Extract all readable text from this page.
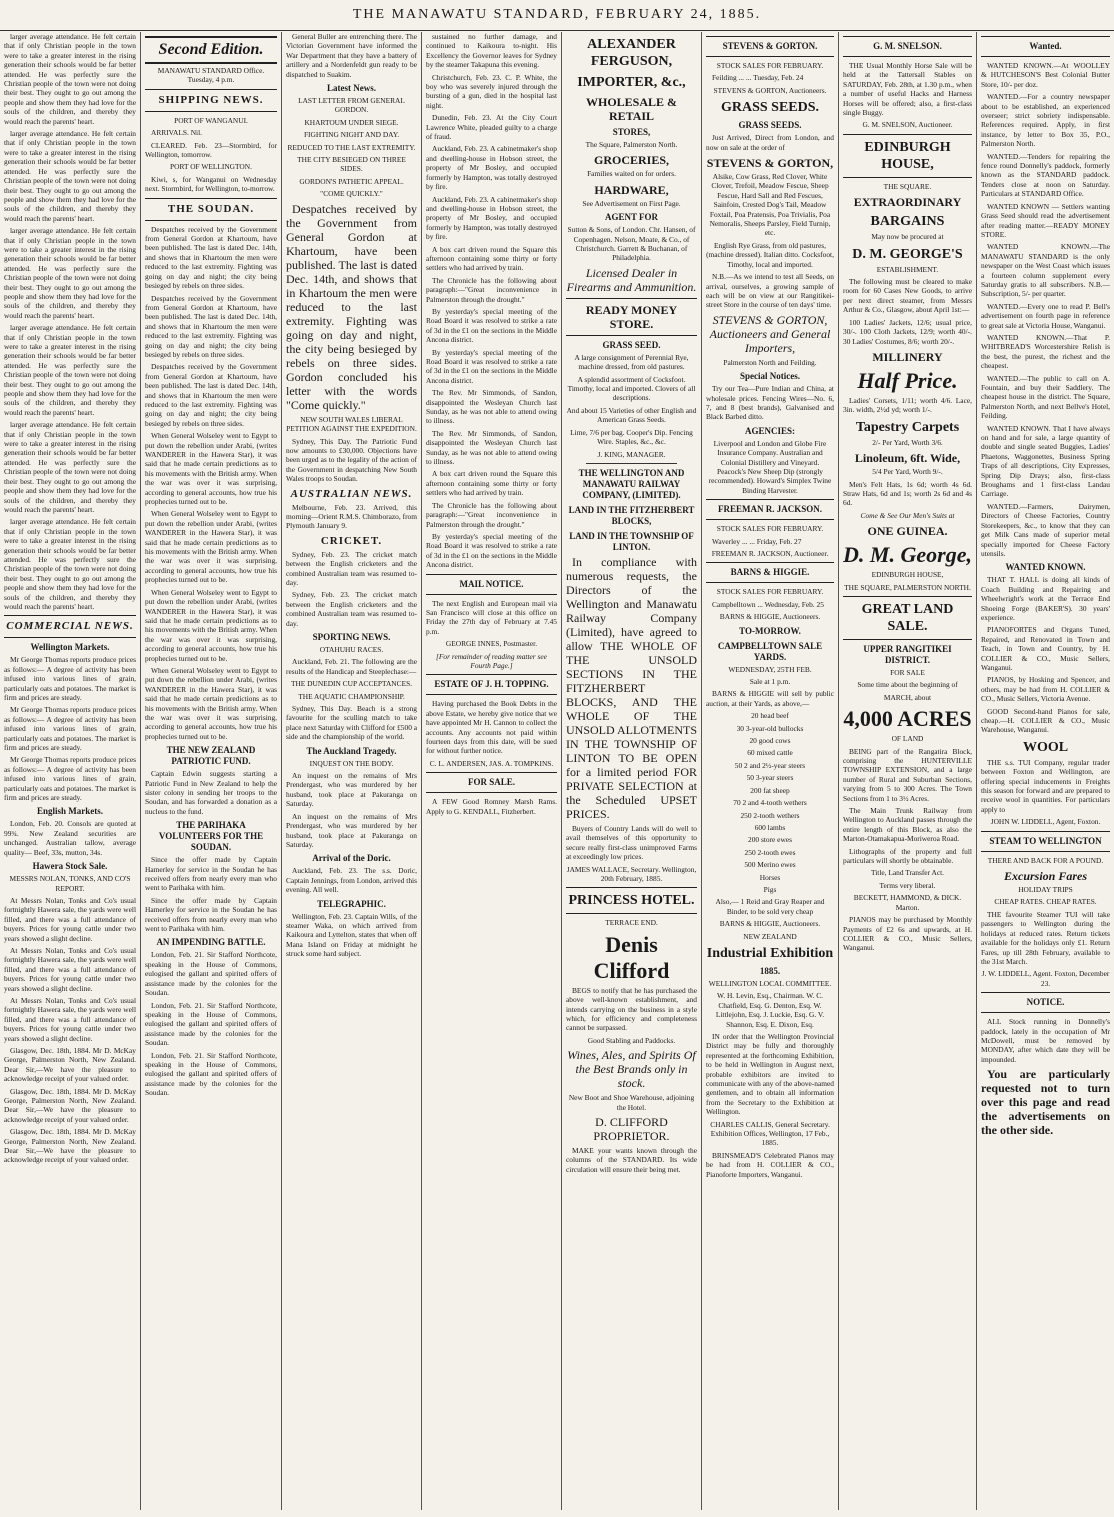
THE MANAWATU STANDARD, FEBRUARY 24, 1885.

larger average attendance. He felt certain that if only Christian people in the town were to take a greater interest in the rising generation their schools would be far better attended. He was perfectly sure the Christian people of the town were not doing their best. They ought to go out among the people and show them they had love for the souls of the children, and thereby they would reach the parents' heart.

larger average attendance. He felt certain that if only Christian people in the town were to take a greater interest in the rising generation their schools would be far better attended. He was perfectly sure the Christian people of the town were not doing their best. They ought to go out among the people and show them they had love for the souls of the children, and thereby they would reach the parents' heart.

larger average attendance. He felt certain that if only Christian people in the town were to take a greater interest in the rising generation their schools would be far better attended. He was perfectly sure the Christian people of the town were not doing their best. They ought to go out among the people and show them they had love for the souls of the children, and thereby they would reach the parents' heart.

larger average attendance. He felt certain that if only Christian people in the town were to take a greater interest in the rising generation their schools would be far better attended. He was perfectly sure the Christian people of the town were not doing their best. They ought to go out among the people and show them they had love for the souls of the children, and thereby they would reach the parents' heart.

larger average attendance. He felt certain that if only Christian people in the town were to take a greater interest in the rising generation their schools would be far better attended. He was perfectly sure the Christian people of the town were not doing their best. They ought to go out among the people and show them they had love for the souls of the children, and thereby they would reach the parents' heart.

larger average attendance. He felt certain that if only Christian people in the town were to take a greater interest in the rising generation their schools would be far better attended. He was perfectly sure the Christian people of the town were not doing their best. They ought to go out among the people and show them they had love for the souls of the children, and thereby they would reach the parents' heart.

COMMERCIAL NEWS.
Wellington Markets.

Mr George Thomas reports produce prices as follows:— A degree of activity has been infused into various lines of grain, particularly oats and potatoes. The market is firm and prices are steady.

Mr George Thomas reports produce prices as follows:— A degree of activity has been infused into various lines of grain, particularly oats and potatoes. The market is firm and prices are steady.

Mr George Thomas reports produce prices as follows:— A degree of activity has been infused into various lines of grain, particularly oats and potatoes. The market is firm and prices are steady.

English Markets.

London, Feb. 20. Consols are quoted at 99¾. New Zealand securities are unchanged. Australian tallow, average quality— Beef, 33s, mutton, 34s.

Hawera Stock Sale.

MESSRS NOLAN, TONKS, AND CO'S REPORT.

At Messrs Nolan, Tonks and Co's usual fortnightly Hawera sale, the yards were well filled, and there was a full attendance of buyers. Prices for young cattle under two years showed a slight decline.

At Messrs Nolan, Tonks and Co's usual fortnightly Hawera sale, the yards were well filled, and there was a full attendance of buyers. Prices for young cattle under two years showed a slight decline.

At Messrs Nolan, Tonks and Co's usual fortnightly Hawera sale, the yards were well filled, and there was a full attendance of buyers. Prices for young cattle under two years showed a slight decline.

Glasgow, Dec. 18th, 1884. Mr D. McKay George, Palmerston North, New Zealand. Dear Sir,—We have the pleasure to acknowledge receipt of your valued order.

Glasgow, Dec. 18th, 1884. Mr D. McKay George, Palmerston North, New Zealand. Dear Sir,—We have the pleasure to acknowledge receipt of your valued order.

Glasgow, Dec. 18th, 1884. Mr D. McKay George, Palmerston North, New Zealand. Dear Sir,—We have the pleasure to acknowledge receipt of your valued order.

Second Edition.

MANAWATU STANDARD Office. Tuesday, 4 p.m.

SHIPPING NEWS.

PORT OF WANGANUI.

ARRIVALS. Nil.

CLEARED. Feb. 23—Stormbird, for Wellington, tomorrow.

PORT OF WELLINGTON.

Kiwi, s, for Wanganui on Wednesday next. Stormbird, for Wellington, to-morrow.

THE SOUDAN.

Despatches received by the Government from General Gordon at Khartoum, have been published. The last is dated Dec. 14th, and shows that in Khartoum the men were reduced to the last extremity. Fighting was going on day and night; the city being besieged by rebels on three sides.

Despatches received by the Government from General Gordon at Khartoum, have been published. The last is dated Dec. 14th, and shows that in Khartoum the men were reduced to the last extremity. Fighting was going on day and night; the city being besieged by rebels on three sides.

Despatches received by the Government from General Gordon at Khartoum, have been published. The last is dated Dec. 14th, and shows that in Khartoum the men were reduced to the last extremity. Fighting was going on day and night; the city being besieged by rebels on three sides.

When General Wolseley went to Egypt to put down the rebellion under Arabi, (writes WANDERER in the Hawera Star), it was said that he made certain predictions as to his movements with the British army. When the war was over it was surprising, according to general accounts, how true his prophecies turned out to be.

When General Wolseley went to Egypt to put down the rebellion under Arabi, (writes WANDERER in the Hawera Star), it was said that he made certain predictions as to his movements with the British army. When the war was over it was surprising, according to general accounts, how true his prophecies turned out to be.

When General Wolseley went to Egypt to put down the rebellion under Arabi, (writes WANDERER in the Hawera Star), it was said that he made certain predictions as to his movements with the British army. When the war was over it was surprising, according to general accounts, how true his prophecies turned out to be.

When General Wolseley went to Egypt to put down the rebellion under Arabi, (writes WANDERER in the Hawera Star), it was said that he made certain predictions as to his movements with the British army. When the war was over it was surprising, according to general accounts, how true his prophecies turned out to be.

THE NEW ZEALAND PATRIOTIC FUND.

Captain Edwin suggests starting a Patriotic Fund in New Zealand to help the sister colony in sending her troops to the Soudan, and has forwarded a donation as a nucleus to the fund.

THE PARIHAKA VOLUNTEERS FOR THE SOUDAN.

Since the offer made by Captain Hamerley for service in the Soudan he has received offers from nearly every man who went to Parihaka with him.

Since the offer made by Captain Hamerley for service in the Soudan he has received offers from nearly every man who went to Parihaka with him.

AN IMPENDING BATTLE.

London, Feb. 21. Sir Stafford Northcote, speaking in the House of Commons, eulogised the gallant and spirited offers of assistance made by the colonies for the Soudan.

London, Feb. 21. Sir Stafford Northcote, speaking in the House of Commons, eulogised the gallant and spirited offers of assistance made by the colonies for the Soudan.

London, Feb. 21. Sir Stafford Northcote, speaking in the House of Commons, eulogised the gallant and spirited offers of assistance made by the colonies for the Soudan.

General Buller are entrenching there. The Victorian Government have informed the War Department that they have a battery of artillery and a Nordenfeldt gun ready to be dispatched to Suakim.

Latest News.

LAST LETTER FROM GENERAL GORDON.

KHARTOUM UNDER SIEGE.

FIGHTING NIGHT AND DAY.

REDUCED TO THE LAST EXTREMITY.

THE CITY BESIEGED ON THREE SIDES.

GORDON'S PATHETIC APPEAL.

"COME QUICKLY."

Despatches received by the Government from General Gordon at Khartoum, have been published. The last is dated Dec. 14th, and shows that in Khartoum the men were reduced to the last extremity. Fighting was going on day and night, the city being besieged by rebels on three sides. Gordon concluded his letter with the words "Come quickly."

NEW SOUTH WALES LIBERAL PETITION AGAINST THE EXPEDITION.

Sydney, This Day. The Patriotic Fund now amounts to £30,000. Objections have been urged as to the legality of the action of the Government in despatching New South Wales troops to Soudan.

AUSTRALIAN NEWS.

Melbourne, Feb. 23. Arrived, this morning—Orient R.M.S. Chimborazo, from Plymouth January 9.

CRICKET.

Sydney, Feb. 23. The cricket match between the English cricketers and the combined Australian team was resumed to-day.

Sydney, Feb. 23. The cricket match between the English cricketers and the combined Australian team was resumed to-day.

SPORTING NEWS.

OTAHUHU RACES.

Auckland, Feb. 21. The following are the results of the Handicap and Steeplechase:—

THE DUNEDIN CUP ACCEPTANCES.

THE AQUATIC CHAMPIONSHIP.

Sydney, This Day. Beach is a strong favourite for the sculling match to take place next Saturday with Clifford for £500 a side and the championship of the world.

The Auckland Tragedy.

INQUEST ON THE BODY.

An inquest on the remains of Mrs Prendergast, who was murdered by her husband, took place at Pakuranga on Saturday.

An inquest on the remains of Mrs Prendergast, who was murdered by her husband, took place at Pakuranga on Saturday.

Arrival of the Doric.

Auckland, Feb. 23. The s.s. Doric, Captain Jennings, from London, arrived this evening. All well.

TELEGRAPHIC.

Wellington, Feb. 23. Captain Wills, of the steamer Waka, on which arrived from Kaikoura and Lyttelton, states that when off Mana Island on Friday at midnight he struck some hard subject.

sustained no further damage, and continued to Kaikoura to-night. His Excellency the Governor leaves for Sydney by the steamer Takapuna this evening.

Christchurch, Feb. 23. C. P. White, the boy who was severely injured through the bursting of a gun, died in the hospital last night.

Dunedin, Feb. 23. At the City Court Lawrence White, pleaded guilty to a charge of fraud.

Auckland, Feb. 23. A cabinetmaker's shop and dwelling-house in Hobson street, the property of Mr Bosley, and occupied formerly by Hampton, was totally destroyed by fire.

Auckland, Feb. 23. A cabinetmaker's shop and dwelling-house in Hobson street, the property of Mr Bosley, and occupied formerly by Hampton, was totally destroyed by fire.

A box cart driven round the Square this afternoon containing some thirty or forty settlers who had arrived by train.

The Chronicle has the following about paragraph:—"Great inconvenience in Palmerston through the drought."

By yesterday's special meeting of the Road Board it was resolved to strike a rate of 3d in the £1 on the sections in the Middle Ancona district.

By yesterday's special meeting of the Road Board it was resolved to strike a rate of 3d in the £1 on the sections in the Middle Ancona district.

The Rev. Mr Simmonds, of Sandon, disappointed the Wesleyan Church last Sunday, as he was not able to attend owing to illness.

The Rev. Mr Simmonds, of Sandon, disappointed the Wesleyan Church last Sunday, as he was not able to attend owing to illness.

A box cart driven round the Square this afternoon containing some thirty or forty settlers who had arrived by train.

The Chronicle has the following about paragraph:—"Great inconvenience in Palmerston through the drought."

By yesterday's special meeting of the Road Board it was resolved to strike a rate of 3d in the £1 on the sections in the Middle Ancona district.

MAIL NOTICE.

The next English and European mail via San Francisco will close at this office on Friday the 27th day of February at 7.45 p.m.

GEORGE INNES, Postmaster.

[For remainder of reading matter see Fourth Page.]

ESTATE OF J. H. TOPPING.

Having purchased the Book Debts in the above Estate, we hereby give notice that we have appointed Mr H. Cannon to collect the accounts. Any accounts not paid within fourteen days from this date, will be sued for without further notice.

C. L. ANDERSEN, JAS. A. TOMPKINS.

FOR SALE.

A FEW Good Romney Marsh Rams. Apply to G. KENDALL, Fitzherbert.

ALEXANDER FERGUSON,
IMPORTER, &c.,
WHOLESALE & RETAIL
STORES,

The Square, Palmerston North.

GROCERIES,

Families waited on for orders.

HARDWARE,

See Advertisement on First Page.

AGENT FOR

Sutton & Sons, of London. Chr. Hansen, of Copenhagen. Nelson, Moate, & Co., of Christchurch. Garrett & Buchanan, of Philadelphia.

Licensed Dealer in Firearms and Ammunition.

READY MONEY STORE.
GRASS SEED.

A large consignment of Perennial Rye, machine dressed, from old pastures.

A splendid assortment of Cocksfoot. Timothy, local and imported. Clovers of all descriptions.

And about 15 Varieties of other English and American Grass Seeds.

Lime, 7/6 per bag. Cooper's Dip. Fencing Wire. Staples, &c., &c.

J. KING, MANAGER.

THE WELLINGTON AND MANAWATU RAILWAY COMPANY, (LIMITED).
LAND IN THE FITZHERBERT BLOCKS,
LAND IN THE TOWNSHIP OF LINTON.

In compliance with numerous requests, the Directors of the Wellington and Manawatu Railway Company (Limited), have agreed to allow THE WHOLE OF THE UNSOLD SECTIONS IN THE FITZHERBERT BLOCKS, AND THE WHOLE OF THE UNSOLD ALLOTMENTS IN THE TOWNSHIP OF LINTON TO BE OPEN for a limited period FOR PRIVATE SELECTION at the Scheduled UPSET PRICES.

Buyers of Country Lands will do well to avail themselves of this opportunity to secure really first-class unimproved Farms at exceedingly low prices.

JAMES WALLACE, Secretary. Wellington, 20th February, 1885.

PRINCESS HOTEL.

TERRACE END.

Denis Clifford

BEGS to notify that he has purchased the above well-known establishment, and intends carrying on the business in a style which, for efficiency and completeness cannot be surpassed.

Good Stabling and Paddocks.

Wines, Ales, and Spirits Of the Best Brands only in stock.

New Boot and Shoe Warehouse, adjoining the Hotel.

D. CLIFFORD PROPRIETOR.

MAKE your wants known through the columns of the STANDARD. Its wide circulation will ensure their being met.

STEVENS & GORTON.

STOCK SALES FOR FEBRUARY.

Feilding ... ... Tuesday, Feb. 24

STEVENS & GORTON, Auctioneers.

GRASS SEEDS.
GRASS SEEDS.

Just Arrived, Direct from London, and now on sale at the order of

STEVENS & GORTON,

Alsike, Cow Grass, Red Clover, White Clover, Trefoil, Meadow Fescue, Sheep Fescue, Hard Sall and Red Fescues, Sainfoin, Crested Dog's Tail, Meadow Foxtail, Poa Pratensis, Poa Trivialis, Poa Nemoralis, Sheeps Parsley, Field Turnip, etc.

English Rye Grass, from old pastures, (machine dressed). Italian ditto. Cocksfoot, Timothy, local and imported.

N.B.—As we intend to test all Seeds, on arrival, ourselves, a growing sample of each will be on view at our Rangitikei-street Store in the course of ten days' time.

STEVENS & GORTON, Auctioneers and General Importers,

Palmerston North and Feilding.

Special Notices.

Try our Tea—Pure Indian and China, at wholesale prices. Fencing Wires—No. 6, 7, and 8 (best brands), Galvanised and Black Barbed ditto.

AGENCIES:

Liverpool and London and Globe Fire Insurance Company. Australian and Colonial Distillery and Vineyard. Peacock's New Sheep Dip (strongly recommended). Howard's Simplex Twine Binding Harvester.

FREEMAN R. JACKSON.

STOCK SALES FOR FEBRUARY.

Waverley ... ... Friday, Feb. 27

FREEMAN R. JACKSON, Auctioneer.

BARNS & HIGGIE.

STOCK SALES FOR FEBRUARY.

Campbelltown ... Wednesday, Feb. 25

BARNS & HIGGIE, Auctioneers.

TO-MORROW.
CAMPBELLTOWN SALE YARDS.

WEDNESDAY, 25TH FEB.

Sale at 1 p.m.

BARNS & HIGGIE will sell by public auction, at their Yards, as above,—

20 head beef

30 3-year-old bullocks

20 good cows

60 mixed cattle

50 2 and 2½-year steers

50 3-year steers

200 fat sheep

70 2 and 4-tooth wethers

250 2-tooth wethers

600 lambs

200 store ewes

250 2-tooth ewes

500 Merino ewes

Horses

Pigs

Also,— 1 Reid and Gray Reaper and Binder, to be sold very cheap

BARNS & HIGGIE, Auctioneers.

NEW ZEALAND

Industrial Exhibition
1885.

WELLINGTON LOCAL COMMITTEE.

W. H. Levin, Esq., Chairman. W. C. Chatfield, Esq. G. Denton, Esq. W. Littlejohn, Esq. J. Luckie, Esq. G. V. Shannon, Esq. E. Dixon, Esq.

IN order that the Wellington Provincial District may be fully and thoroughly represented at the forthcoming Exhibition, to be held in Wellington in August next, probable exhibitors are invited to communicate with any of the above-named gentlemen, and to obtain all information from the Secretary to the Exhibition at Wellington.

CHARLES CALLIS, General Secretary. Exhibition Offices, Wellington, 17 Feb., 1885.

BRINSMEAD'S Celebrated Pianos may be had from H. COLLIER & CO., Pianoforte Importers, Wanganui.

G. M. SNELSON.

THE Usual Monthly Horse Sale will be held at the Tattersall Stables on SATURDAY, Feb. 28th, at 1.30 p.m., when a number of useful Hacks and Harness Horses will be offered; also, a first-class single Buggy.

G. M. SNELSON, Auctioneer.

EDINBURGH HOUSE,

THE SQUARE.

EXTRAORDINARY
BARGAINS

May now be procured at

D. M. GEORGE'S

ESTABLISHMENT.

The following must be cleared to make room for 60 Cases New Goods, to arrive per next direct steamer, from Messrs Arthur & Co., Glasgow, about April 1st:—

100 Ladies' Jackets, 12/6; usual price, 30/-. 100 Cloth Jackets, 12/9; worth 40/-. 30 Ladies' Costumes, 8/6; worth 20/-.

MILLINERY
Half Price.

Ladies' Corsets, 1/11; worth 4/6. Lace, 3in. width, 2½d yd; worth 1/-.

Tapestry Carpets

2/- Per Yard, Worth 3/6.

Linoleum, 6ft. Wide,

5/4 Per Yard, Worth 9/-.

Men's Felt Hats, 1s 6d; worth 4s 6d. Straw Hats, 6d and 1s; worth 2s 6d and 4s 6d.

Come & See Our Men's Suits at

ONE GUINEA.
D. M. George,

EDINBURGH HOUSE,

THE SQUARE, PALMERSTON NORTH.

GREAT LAND SALE.
UPPER RANGITIKEI DISTRICT.

FOR SALE

Some time about the beginning of

MARCH, about

4,000 ACRES

OF LAND

BEING part of the Rangatira Block, comprising the HUNTERVILLE TOWNSHIP EXTENSION, and a large number of Rural and Suburban Sections, varying from 5 to 300 Acres. The Town Sections from 1 to 3½ Acres.

The Main Trunk Railway from Wellington to Auckland passes through the entire length of this Block, as also the Marton-Otamakapua-Moriweroa Road.

Lithographs of the property and full particulars will shortly be obtainable.

Title, Land Transfer Act.

Terms very liberal.

BECKETT, HAMMOND, & DICK. Marton.

PIANOS may be purchased by Monthly Payments of £2 6s and upwards, at H. COLLIER & CO., Music Sellers, Wanganui.

Wanted.

WANTED KNOWN.—At WOOLLEY & HUTCHESON'S Best Colonial Butter Store, 10/- per doz.

WANTED.—For a country newspaper about to be established, an experienced overseer; strict sobriety indispensable. References required. Apply, in first instance, by letter to Box 35, P.O., Palmerston North.

WANTED.—Tenders for repairing the fence round Donnelly's paddock, formerly known as the STANDARD paddock. Tenders close at noon on Saturday. Particulars at STANDARD Office.

WANTED KNOWN — Settlers wanting Grass Seed should read the advertisement after reading matter.—READY MONEY STORE.

WANTED KNOWN.—The MANAWATU STANDARD is the only newspaper on the West Coast which issues a fourteen column supplement every Saturday gratis to all subscribers. N.B.—Subscription, 5/- per quarter.

WANTED.—Every one to read P. Bell's advertisement on fourth page in reference to great sale at Victoria House, Wanganui.

WANTED KNOWN.—That P. WHITBREAD'S Worcestershire Relish is the best, the purest, the richest and the cheapest.

WANTED.—The public to call on A. Fountain, and buy their Saddlery. The cheapest house in the district. The Square, Palmerston North, and next Bellve's Hotel, Feilding.

WANTED KNOWN. That I have always on hand and for sale, a large quantity of double and single seated Buggies, Ladies' Phaetons, Waggonettes, Business Spring Traps of all descriptions, City Expresses, Spring Dip Drays; also, first-class Broughams and 1 first-class Landau Carriage.

WANTED.—Farmers, Dairymen, Directors of Cheese Factories, Country Storekeepers, &c., to know that they can get Milk Cans made of superior metal specially imported for Cheese Factory utensils.

WANTED KNOWN.

THAT T. HALL is doing all kinds of Coach Building and Repairing and Wheelwright's work at the Terrace End Shoeing Forge (BAKER'S). 30 years' experience.

PIANOFORTES and Organs Tuned, Repaired, and Renovated in Town and Teach, in Town and Country, by H. COLLIER & CO., Music Sellers, Wanganui.

PIANOS, by Hosking and Spencer, and others, may be had from H. COLLIER & CO., Music Sellers, Victoria Avenue.

GOOD Second-hand Pianos for sale, cheap.—H. COLLIER & CO., Music Warehouse, Wanganui.

WOOL

THE s.s. TUI Company, regular trader between Foxton and Wellington, are offering special inducements in Freights this season for forward and are prepared to receive wool in quantities. For particulars apply to

JOHN W. LIDDELL, Agent, Foxton.

STEAM TO WELLINGTON

THERE AND BACK FOR A POUND.

Excursion Fares

HOLIDAY TRIPS

CHEAP RATES. CHEAP RATES.

THE favourite Steamer TUI will take passengers to Wellington during the holidays at reduced rates. Return tickets available for the holidays only £1. Return Fares, up till 28th February, available to the 31st March.

J. W. LIDDELL, Agent. Foxton, December 23.

NOTICE.

ALL Stock running in Donnelly's paddock, lately in the occupation of Mr McDowell, must be removed by MONDAY, after which date they will be impounded.

You are particularly requested not to turn over this page and read the advertisements on the other side.
